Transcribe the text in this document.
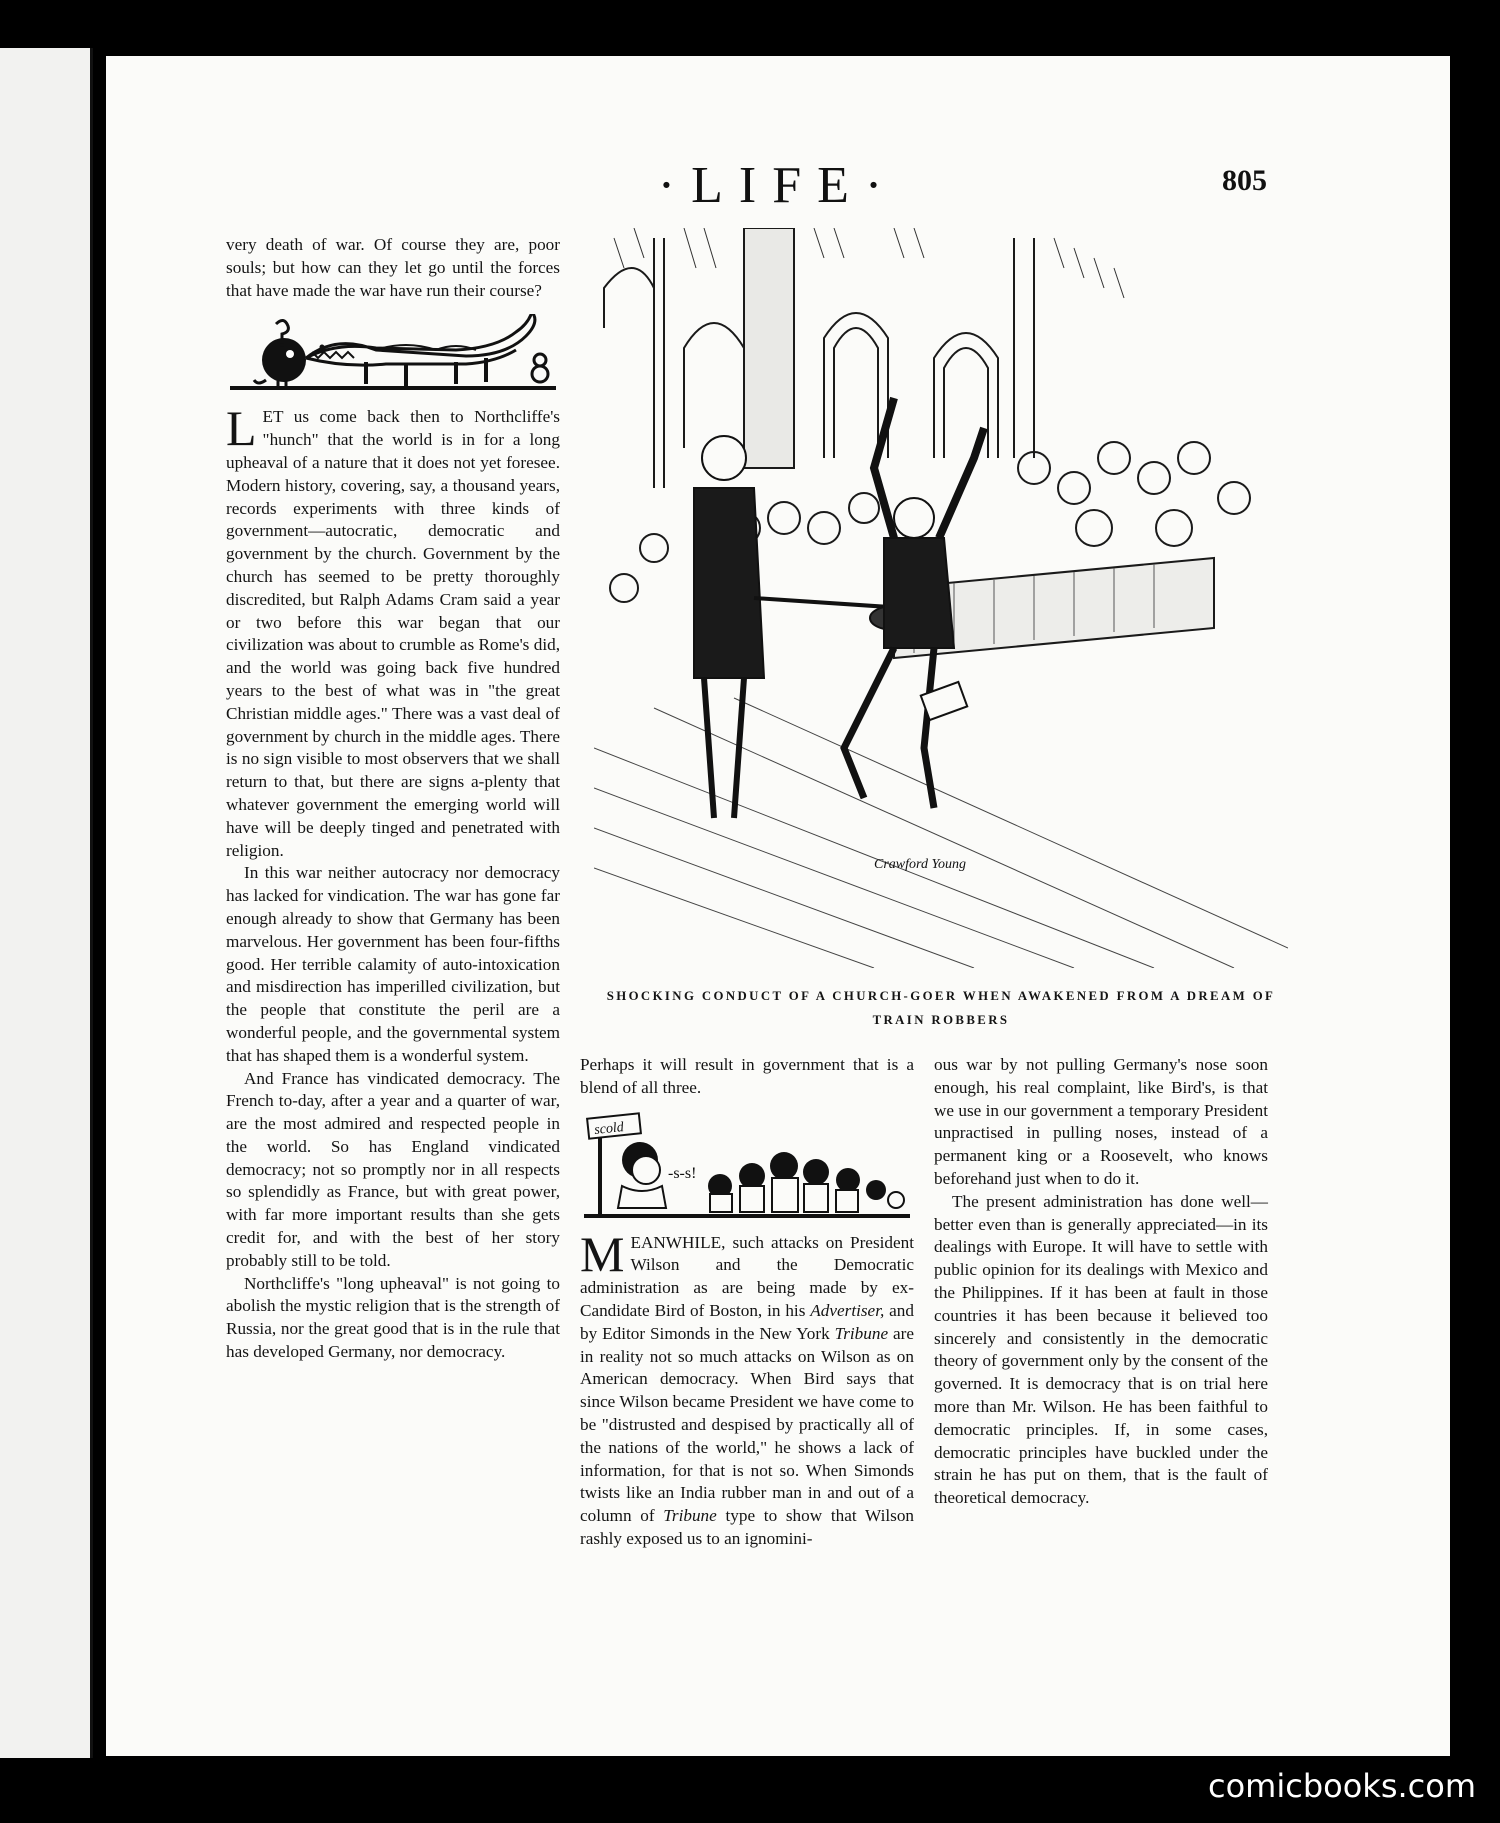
·LIFE·	805

very death of war. Of course they are, poor souls; but how can they let go until the forces that have made the war have run their course?

LET us come back then to Northcliffe's "hunch" that the world is in for a long upheaval of a nature that it does not yet foresee. Modern history, covering, say, a thousand years, records experiments with three kinds of government—autocratic, democratic and government by the church. Government by the church has seemed to be pretty thoroughly discredited, but Ralph Adams Cram said a year or two before this war began that our civilization was about to crumble as Rome's did, and the world was going back five hundred years to the best of what was in "the great Christian middle ages." There was a vast deal of government by church in the middle ages. There is no sign visible to most observers that we shall return to that, but there are signs a-plenty that whatever government the emerging world will have will be deeply tinged and penetrated with religion.

In this war neither autocracy nor democracy has lacked for vindication. The war has gone far enough already to show that Germany has been marvelous. Her government has been four-fifths good. Her terrible calamity of auto-intoxication and misdirection has imperilled civilization, but the people that constitute the peril are a wonderful people, and the governmental system that has shaped them is a wonderful system.

And France has vindicated democracy. The French to-day, after a year and a quarter of war, are the most admired and respected people in the world. So has England vindicated democracy; not so promptly nor in all respects so splendidly as France, but with great power, with far more important results than she gets credit for, and with the best of her story probably still to be told.

Northcliffe's "long upheaval" is not going to abolish the mystic religion that is the strength of Russia, nor the great good that is in the rule that has developed Germany, nor democracy.

Crawford Young
SHOCKING CONDUCT OF A CHURCH-GOER WHEN AWAKENED FROM A DREAM OF TRAIN ROBBERS

Perhaps it will result in government that is a blend of all three.

scold
-s-s!

MEANWHILE, such attacks on President Wilson and the Democratic administration as are being made by ex-Candidate Bird of Boston, in his Advertiser, and by Editor Simonds in the New York Tribune are in reality not so much attacks on Wilson as on American democracy. When Bird says that since Wilson became President we have come to be "distrusted and despised by practically all of the nations of the world," he shows a lack of information, for that is not so. When Simonds twists like an India rubber man in and out of a column of Tribune type to show that Wilson rashly exposed us to an ignomini-

ous war by not pulling Germany's nose soon enough, his real complaint, like Bird's, is that we use in our government a temporary President unpractised in pulling noses, instead of a permanent king or a Roosevelt, who knows beforehand just when to do it.

The present administration has done well—better even than is generally appreciated—in its dealings with Europe. It will have to settle with public opinion for its dealings with Mexico and the Philippines. If it has been at fault in those countries it has been because it believed too sincerely and consistently in the democratic theory of government only by the consent of the governed. It is democracy that is on trial here more than Mr. Wilson. He has been faithful to democratic principles. If, in some cases, democratic principles have buckled under the strain he has put on them, that is the fault of theoretical democracy.

comicbooks.com
